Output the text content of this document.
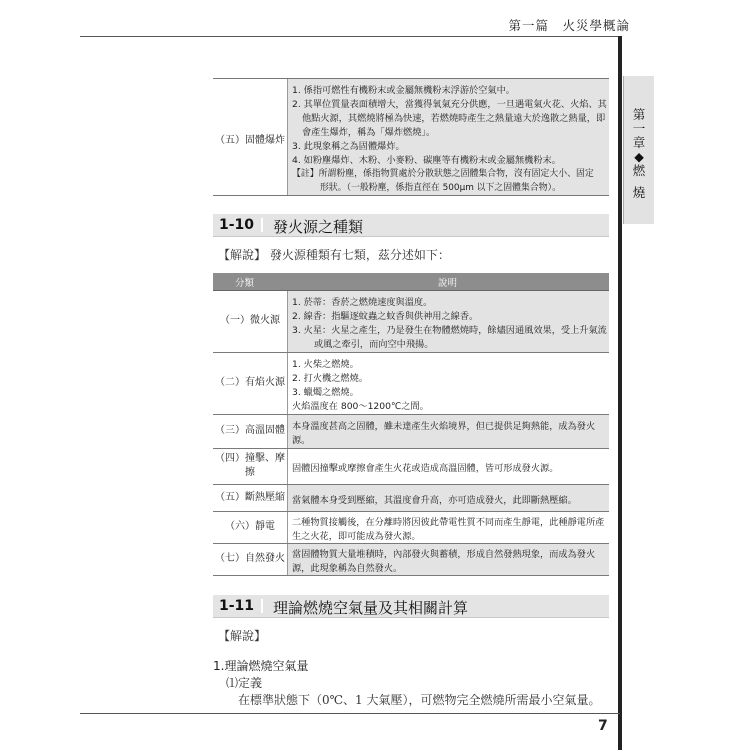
第一篇　火災學概論
第
一
章
◆
燃
燒
（五）固體爆炸
1. 係指可燃性有機粉末或金屬無機粉末浮游於空氣中。
2. 其單位質量表面積增大，當獲得氧氣充分供應，一旦遇電氣火花、火焰、其
他點火源，其燃燒將極為快速，若燃燒時產生之熱量遠大於逸散之熱量，即
會產生爆炸，稱為「爆炸燃燒」。
3. 此現象稱之為固體爆炸。
4. 如粉塵爆炸、木粉、小麥粉、碳塵等有機粉末或金屬無機粉末。
【註】所謂粉塵，係指物質處於分散狀態之固體集合物，沒有固定大小、固定
形狀。（一般粉塵，係指直徑在 500μm 以下之固體集合物）。
1-10 發火源之種類
【解說】 發火源種類有七類，茲分述如下：
分類	說明
（一）微火源
1. 菸蒂：香菸之燃燒速度與溫度。
2. 線香：指驅逐蚊蟲之蚊香與供神用之線香。
3. 火星：火星之產生，乃是發生在物體燃燒時，餘燼因通風效果，受上升氣流
或風之牽引，而向空中飛揚。
（二）有焰火源
1. 火柴之燃燒。
2. 打火機之燃燒。
3. 蠟燭之燃燒。
火焰溫度在 800～1200℃之間。
（三）高溫固體 本身溫度甚高之固體，雖未達產生火焰境界，但已提供足夠熱能，成為發火
源。
（四）撞擊、摩
擦	固體因撞擊或摩擦會產生火花或造成高溫固體，皆可形成發火源。
（五）斷熱壓縮 當氣體本身受到壓縮，其溫度會升高，亦可造成發火，此即斷熱壓縮。
（六）靜電	二種物質接觸後，在分離時將因彼此帶電性質不同而產生靜電，此種靜電所產
生之火花，即可能成為發火源。
（七）自然發火 當固體物質大量堆積時，內部發火與蓄積，形成自然發熱現象，而成為發火
源，此現象稱為自然發火。
1-11 理論燃燒空氣量及其相關計算
【解說】
1.理論燃燒空氣量
⑴定義
在標準狀態下（0℃、1 大氣壓），可燃物完全燃燒所需最小空氣量。
7
